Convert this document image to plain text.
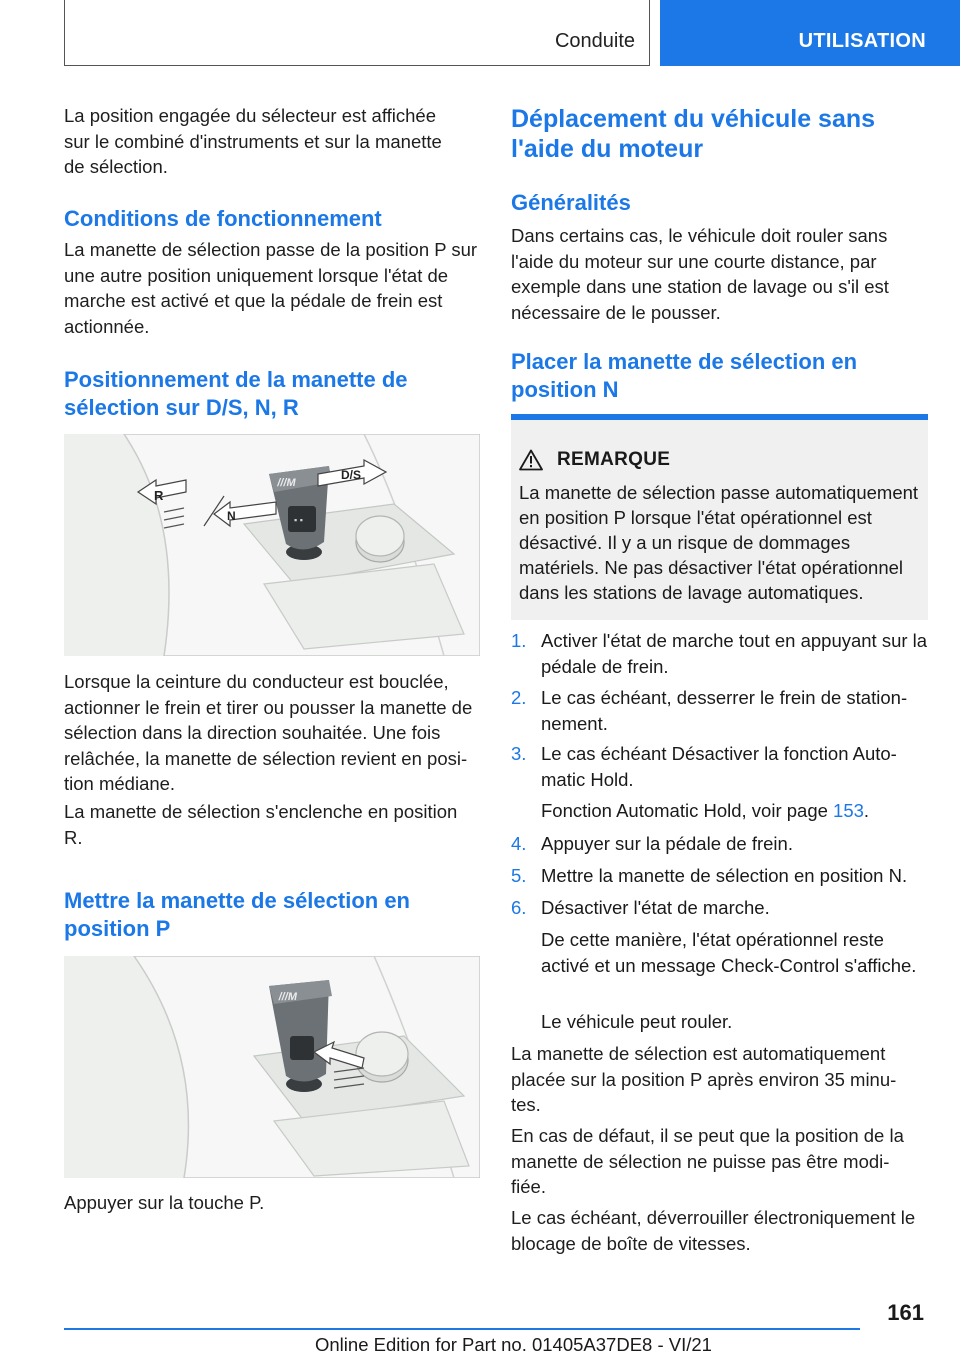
Conduite	UTILISATION

La position engagée du sélecteur est affichée sur le combiné d'instruments et sur la manette de sélection.

Conditions de fonctionnement

La manette de sélection passe de la position P sur une autre position uniquement lorsque l'état de marche est activé et que la pédale de frein est actionnée.

Positionnement de la manette de sélection sur D/S, N, R
▪ ▪
///M
R
N
D/S

Lorsque la ceinture du conducteur est bouclée, actionner le frein et tirer ou pousser la manette de sélection dans la direction souhaitée. Une fois relâchée, la manette de sélection revient en position médiane.

La manette de sélection s'enclenche en position R.

Mettre la manette de sélection en position P
///M

Appuyer sur la touche P.

Déplacement du véhicule sans l'aide du moteur
Généralités

Dans certains cas, le véhicule doit rouler sans l'aide du moteur sur une courte distance, par exemple dans une station de lavage ou s'il est nécessaire de le pousser.

Placer la manette de sélection en position N
REMARQUE
La manette de sélection passe automatiquement en position P lorsque l'état opérationnel est désactivé. Il y a un risque de dommages matériels. Ne pas désactiver l'état opérationnel dans les stations de lavage automatiques.
1. Activer l'état de marche tout en appuyant sur la pédale de frein.
2. Le cas échéant, desserrer le frein de stationnement.
3. Le cas échéant Désactiver la fonction Automatic Hold.
Fonction Automatic Hold, voir page 153.
4. Appuyer sur la pédale de frein.
5. Mettre la manette de sélection en position N.
6. Désactiver l'état de marche.
De cette manière, l'état opérationnel reste activé et un message Check-Control s'affiche.
Le véhicule peut rouler.

La manette de sélection est automatiquement placée sur la position P après environ 35 minutes.

En cas de défaut, il se peut que la position de la manette de sélection ne puisse pas être modifiée.

Le cas échéant, déverrouiller électroniquement le blocage de boîte de vitesses.

161
Online Edition for Part no. 01405A37DE8 - VI/21
